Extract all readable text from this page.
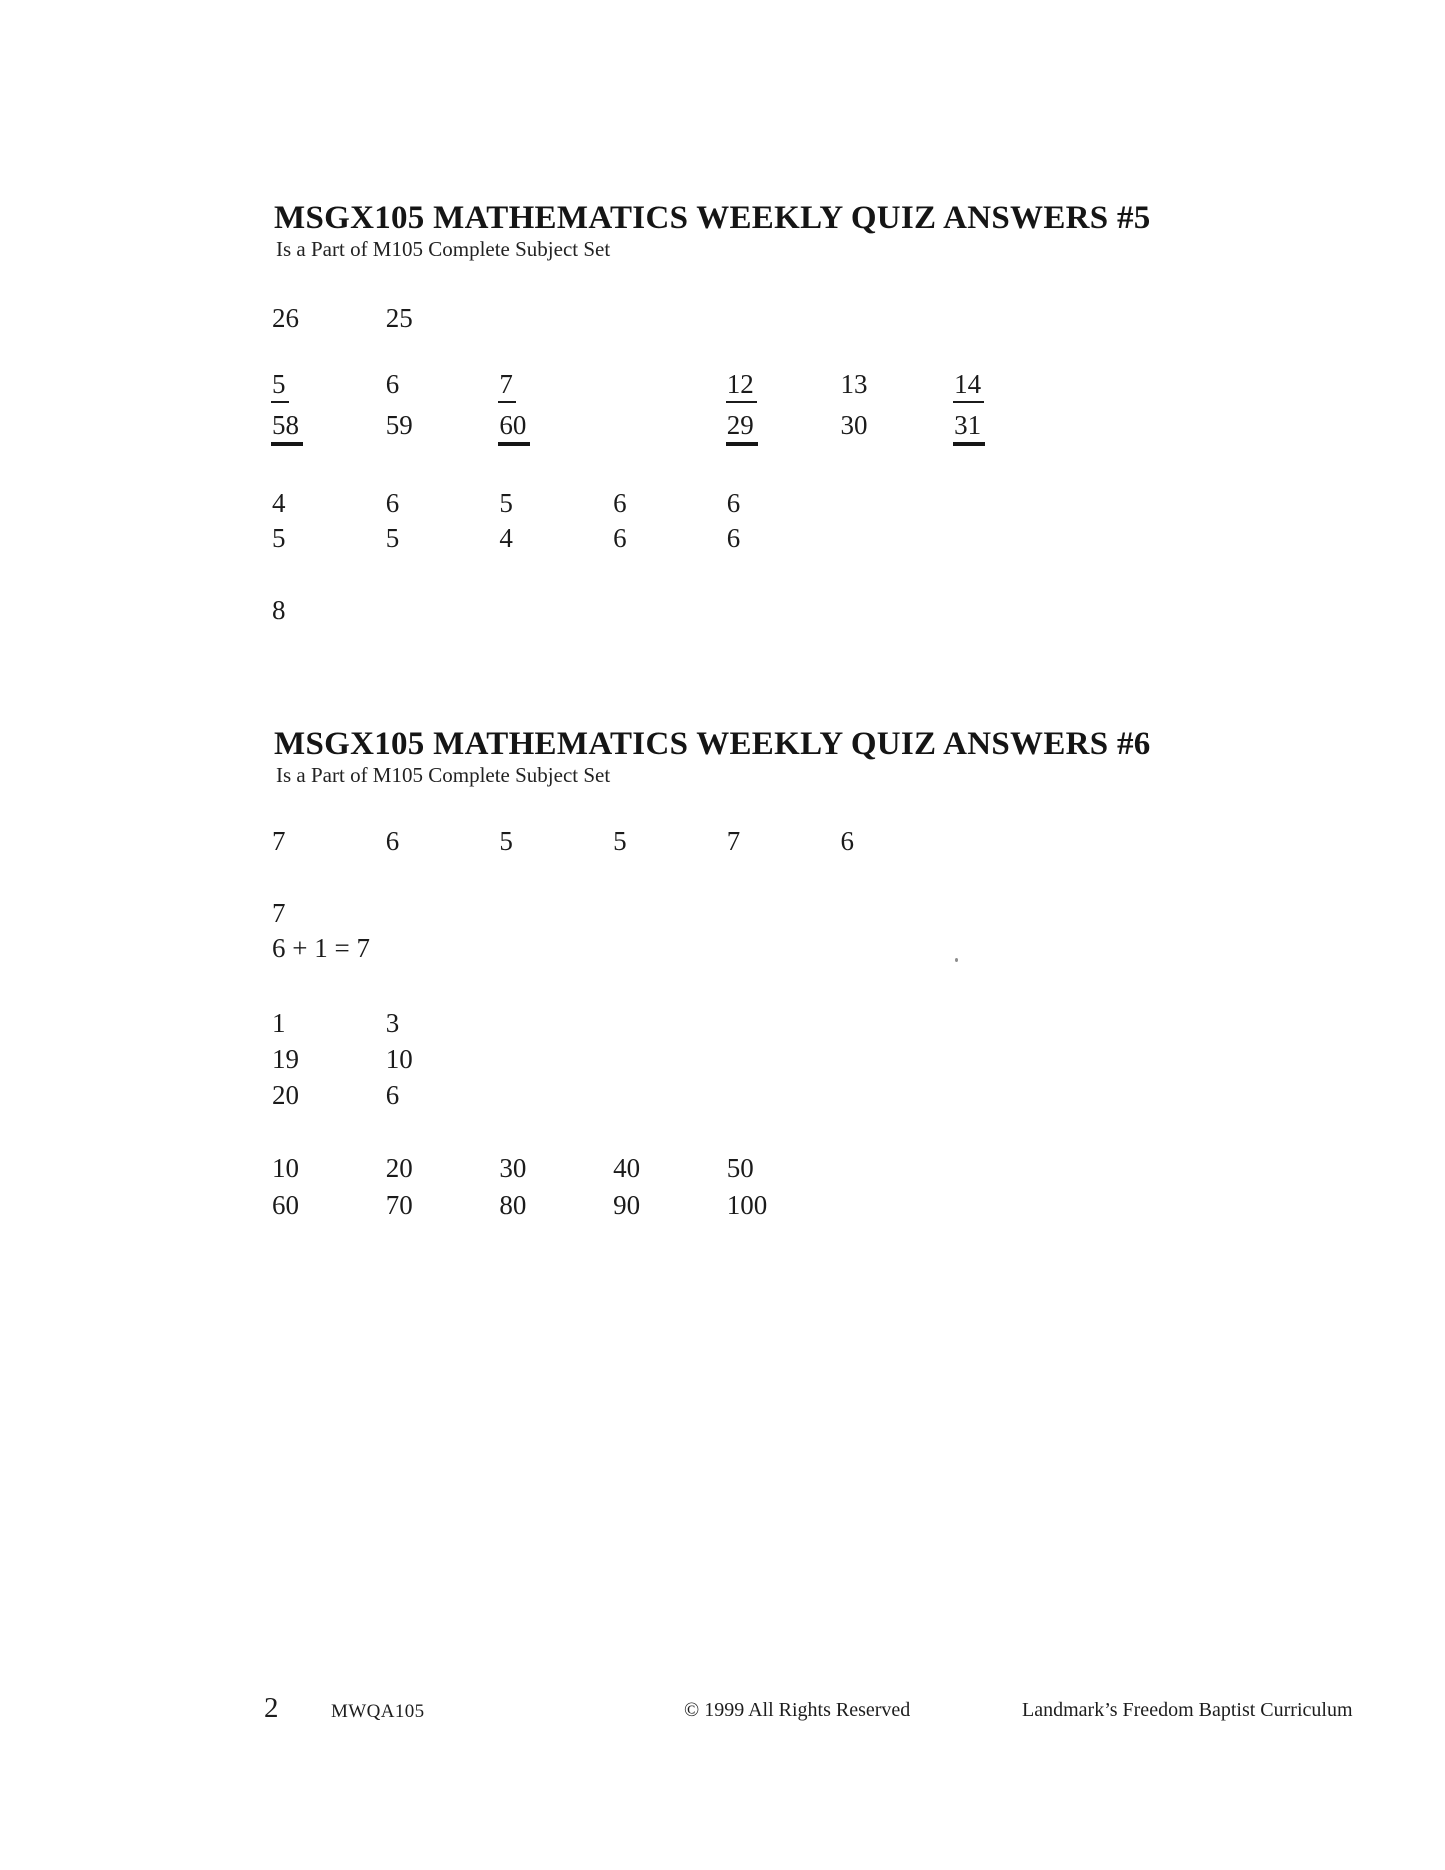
MSGX105 MATHEMATICS WEEKLY QUIZ ANSWERS #5
Is a Part of M105 Complete Subject Set
26	25
5	6	7	12	13	14
58	59	60	29	30	31
4	6	5	6	6
5	5	4	6	6
8
MSGX105 MATHEMATICS WEEKLY QUIZ ANSWERS #6
Is a Part of M105 Complete Subject Set
7	6	5	5	7	6
7
6 + 1 = 7
1	3
19	10
20	6
10	20	30	40	50
60	70	80	90	100
2	MWQA105	© 1999 All Rights Reserved	Landmark’s Freedom Baptist Curriculum
